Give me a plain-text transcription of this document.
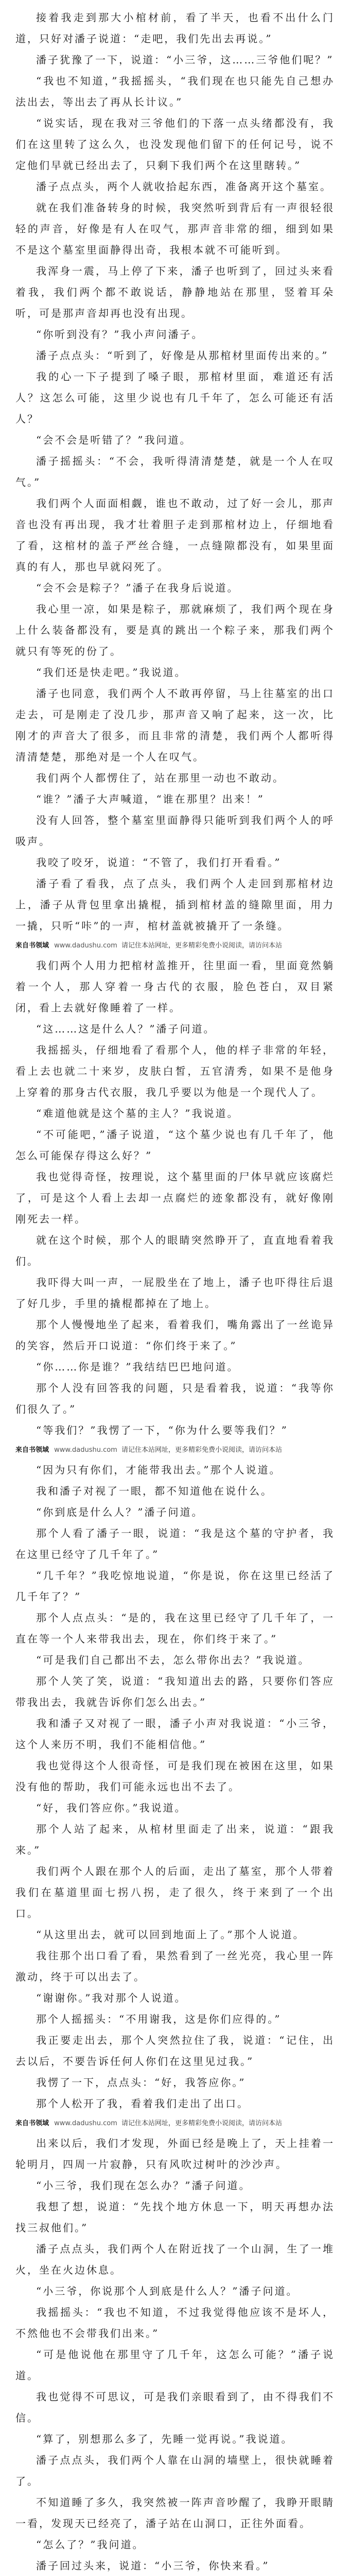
接着我走到那大小棺材前，看了半天，也看不出什么门道，只好对潘子说道：“走吧，我们先出去再说。”

潘子犹豫了一下，说道：“小三爷，这……三爷他们呢？”

“我也不知道，”我摇摇头，“我们现在也只能先自己想办法出去，等出去了再从长计议。”

“说实话，现在我对三爷他们的下落一点头绪都没有，我们在这里转了这么久，也没发现他们留下的任何记号，说不定他们早就已经出去了，只剩下我们两个在这里瞎转。”

潘子点点头，两个人就收拾起东西，准备离开这个墓室。

就在我们准备转身的时候，我突然听到背后有一声很轻很轻的声音，好像是有人在叹气，那声音非常的细，细到如果不是这个墓室里面静得出奇，我根本就不可能听到。

我浑身一震，马上停了下来，潘子也听到了，回过头来看着我，我们两个都不敢说话，静静地站在那里，竖着耳朵听，可是那声音却再也没有出现。

“你听到没有？”我小声问潘子。

潘子点点头：“听到了，好像是从那棺材里面传出来的。”

我的心一下子提到了嗓子眼，那棺材里面，难道还有活人？这怎么可能，这里少说也有几千年了，怎么可能还有活人？

“会不会是听错了？”我问道。

潘子摇摇头：“不会，我听得清清楚楚，就是一个人在叹气。”

我们两个人面面相觑，谁也不敢动，过了好一会儿，那声音也没有再出现，我才壮着胆子走到那棺材边上，仔细地看了看，这棺材的盖子严丝合缝，一点缝隙都没有，如果里面真的有人，那也早就闷死了。

“会不会是粽子？”潘子在我身后说道。

我心里一凉，如果是粽子，那就麻烦了，我们两个现在身上什么装备都没有，要是真的跳出一个粽子来，那我们两个就只有等死的份了。

“我们还是快走吧。”我说道。

潘子也同意，我们两个人不敢再停留，马上往墓室的出口走去，可是刚走了没几步，那声音又响了起来，这一次，比刚才的声音大了很多，而且非常的清楚，我们两个人都听得清清楚楚，那绝对是一个人在叹气。

我们两个人都愣住了，站在那里一动也不敢动。

“谁？”潘子大声喊道，“谁在那里？出来！”

没有人回答，整个墓室里面静得只能听到我们两个人的呼吸声。

我咬了咬牙，说道：“不管了，我们打开看看。”

潘子看了看我，点了点头，我们两个人走回到那棺材边上，潘子从背包里拿出撬棍，插到棺材盖的缝隙里面，用力一撬，只听“咔”的一声，棺材盖就被撬开了一条缝。

来自书领域 www.dadushu.com 请记住本站网址，更多精彩免费小说阅读，请访问本站

我们两个人用力把棺材盖推开，往里面一看，里面竟然躺着一个人，那人穿着一身古代的衣服，脸色苍白，双目紧闭，看上去就好像睡着了一样。

“这……这是什么人？”潘子问道。

我摇摇头，仔细地看了看那个人，他的样子非常的年轻，看上去也就二十来岁，皮肤白皙，五官清秀，如果不是他身上穿着的那身古代衣服，我几乎要以为他是一个现代人了。

“难道他就是这个墓的主人？”我说道。

“不可能吧，”潘子说道，“这个墓少说也有几千年了，他怎么可能保存得这么好？”

我也觉得奇怪，按理说，这个墓里面的尸体早就应该腐烂了，可是这个人看上去却一点腐烂的迹象都没有，就好像刚刚死去一样。

就在这个时候，那个人的眼睛突然睁开了，直直地看着我们。

我吓得大叫一声，一屁股坐在了地上，潘子也吓得往后退了好几步，手里的撬棍都掉在了地上。

那个人慢慢地坐了起来，看着我们，嘴角露出了一丝诡异的笑容，然后开口说道：“你们终于来了。”

“你……你是谁？”我结结巴巴地问道。

那个人没有回答我的问题，只是看着我，说道：“我等你们很久了。”

“等我们？”我愣了一下，“你为什么要等我们？”

来自书领域 www.dadushu.com 请记住本站网址，更多精彩免费小说阅读，请访问本站

“因为只有你们，才能带我出去。”那个人说道。

我和潘子对视了一眼，都不知道他在说什么。

“你到底是什么人？”潘子问道。

那个人看了潘子一眼，说道：“我是这个墓的守护者，我在这里已经守了几千年了。”

“几千年？”我吃惊地说道，“你是说，你在这里已经活了几千年了？”

那个人点点头：“是的，我在这里已经守了几千年了，一直在等一个人来带我出去，现在，你们终于来了。”

“可是我们自己都出不去，怎么带你出去？”我说道。

那个人笑了笑，说道：“我知道出去的路，只要你们答应带我出去，我就告诉你们怎么出去。”

我和潘子又对视了一眼，潘子小声对我说道：“小三爷，这个人来历不明，我们不能相信他。”

我也觉得这个人很奇怪，可是我们现在被困在这里，如果没有他的帮助，我们可能永远也出不去了。

“好，我们答应你。”我说道。

那个人站了起来，从棺材里面走了出来，说道：“跟我来。”

我们两个人跟在那个人的后面，走出了墓室，那个人带着我们在墓道里面七拐八拐，走了很久，终于来到了一个出口。

“从这里出去，就可以回到地面上了。”那个人说道。

我往那个出口看了看，果然看到了一丝光亮，我心里一阵激动，终于可以出去了。

“谢谢你。”我对那个人说道。

那个人摇摇头：“不用谢我，这是你们应得的。”

我正要走出去，那个人突然拉住了我，说道：“记住，出去以后，不要告诉任何人你们在这里见过我。”

我愣了一下，点点头：“好，我答应你。”

那个人松开了我，看着我们走出了出口。

来自书领域 www.dadushu.com 请记住本站网址，更多精彩免费小说阅读，请访问本站

出来以后，我们才发现，外面已经是晚上了，天上挂着一轮明月，四周一片寂静，只有风吹过树叶的沙沙声。

“小三爷，我们现在怎么办？”潘子问道。

我想了想，说道：“先找个地方休息一下，明天再想办法找三叔他们。”

潘子点点头，我们两个人在附近找了一个山洞，生了一堆火，坐在火边休息。

“小三爷，你说那个人到底是什么人？”潘子问道。

我摇摇头：“我也不知道，不过我觉得他应该不是坏人，不然他也不会带我们出来。”

“可是他说他在那里守了几千年，这怎么可能？”潘子说道。

我也觉得不可思议，可是我们亲眼看到了，由不得我们不信。

“算了，别想那么多了，先睡一觉再说。”我说道。

潘子点点头，我们两个人靠在山洞的墙壁上，很快就睡着了。

不知道睡了多久，我突然被一阵声音吵醒了，我睁开眼睛一看，发现天已经亮了，潘子站在山洞口，正往外面看。

“怎么了？”我问道。

潘子回过头来，说道：“小三爷，你快来看。”
